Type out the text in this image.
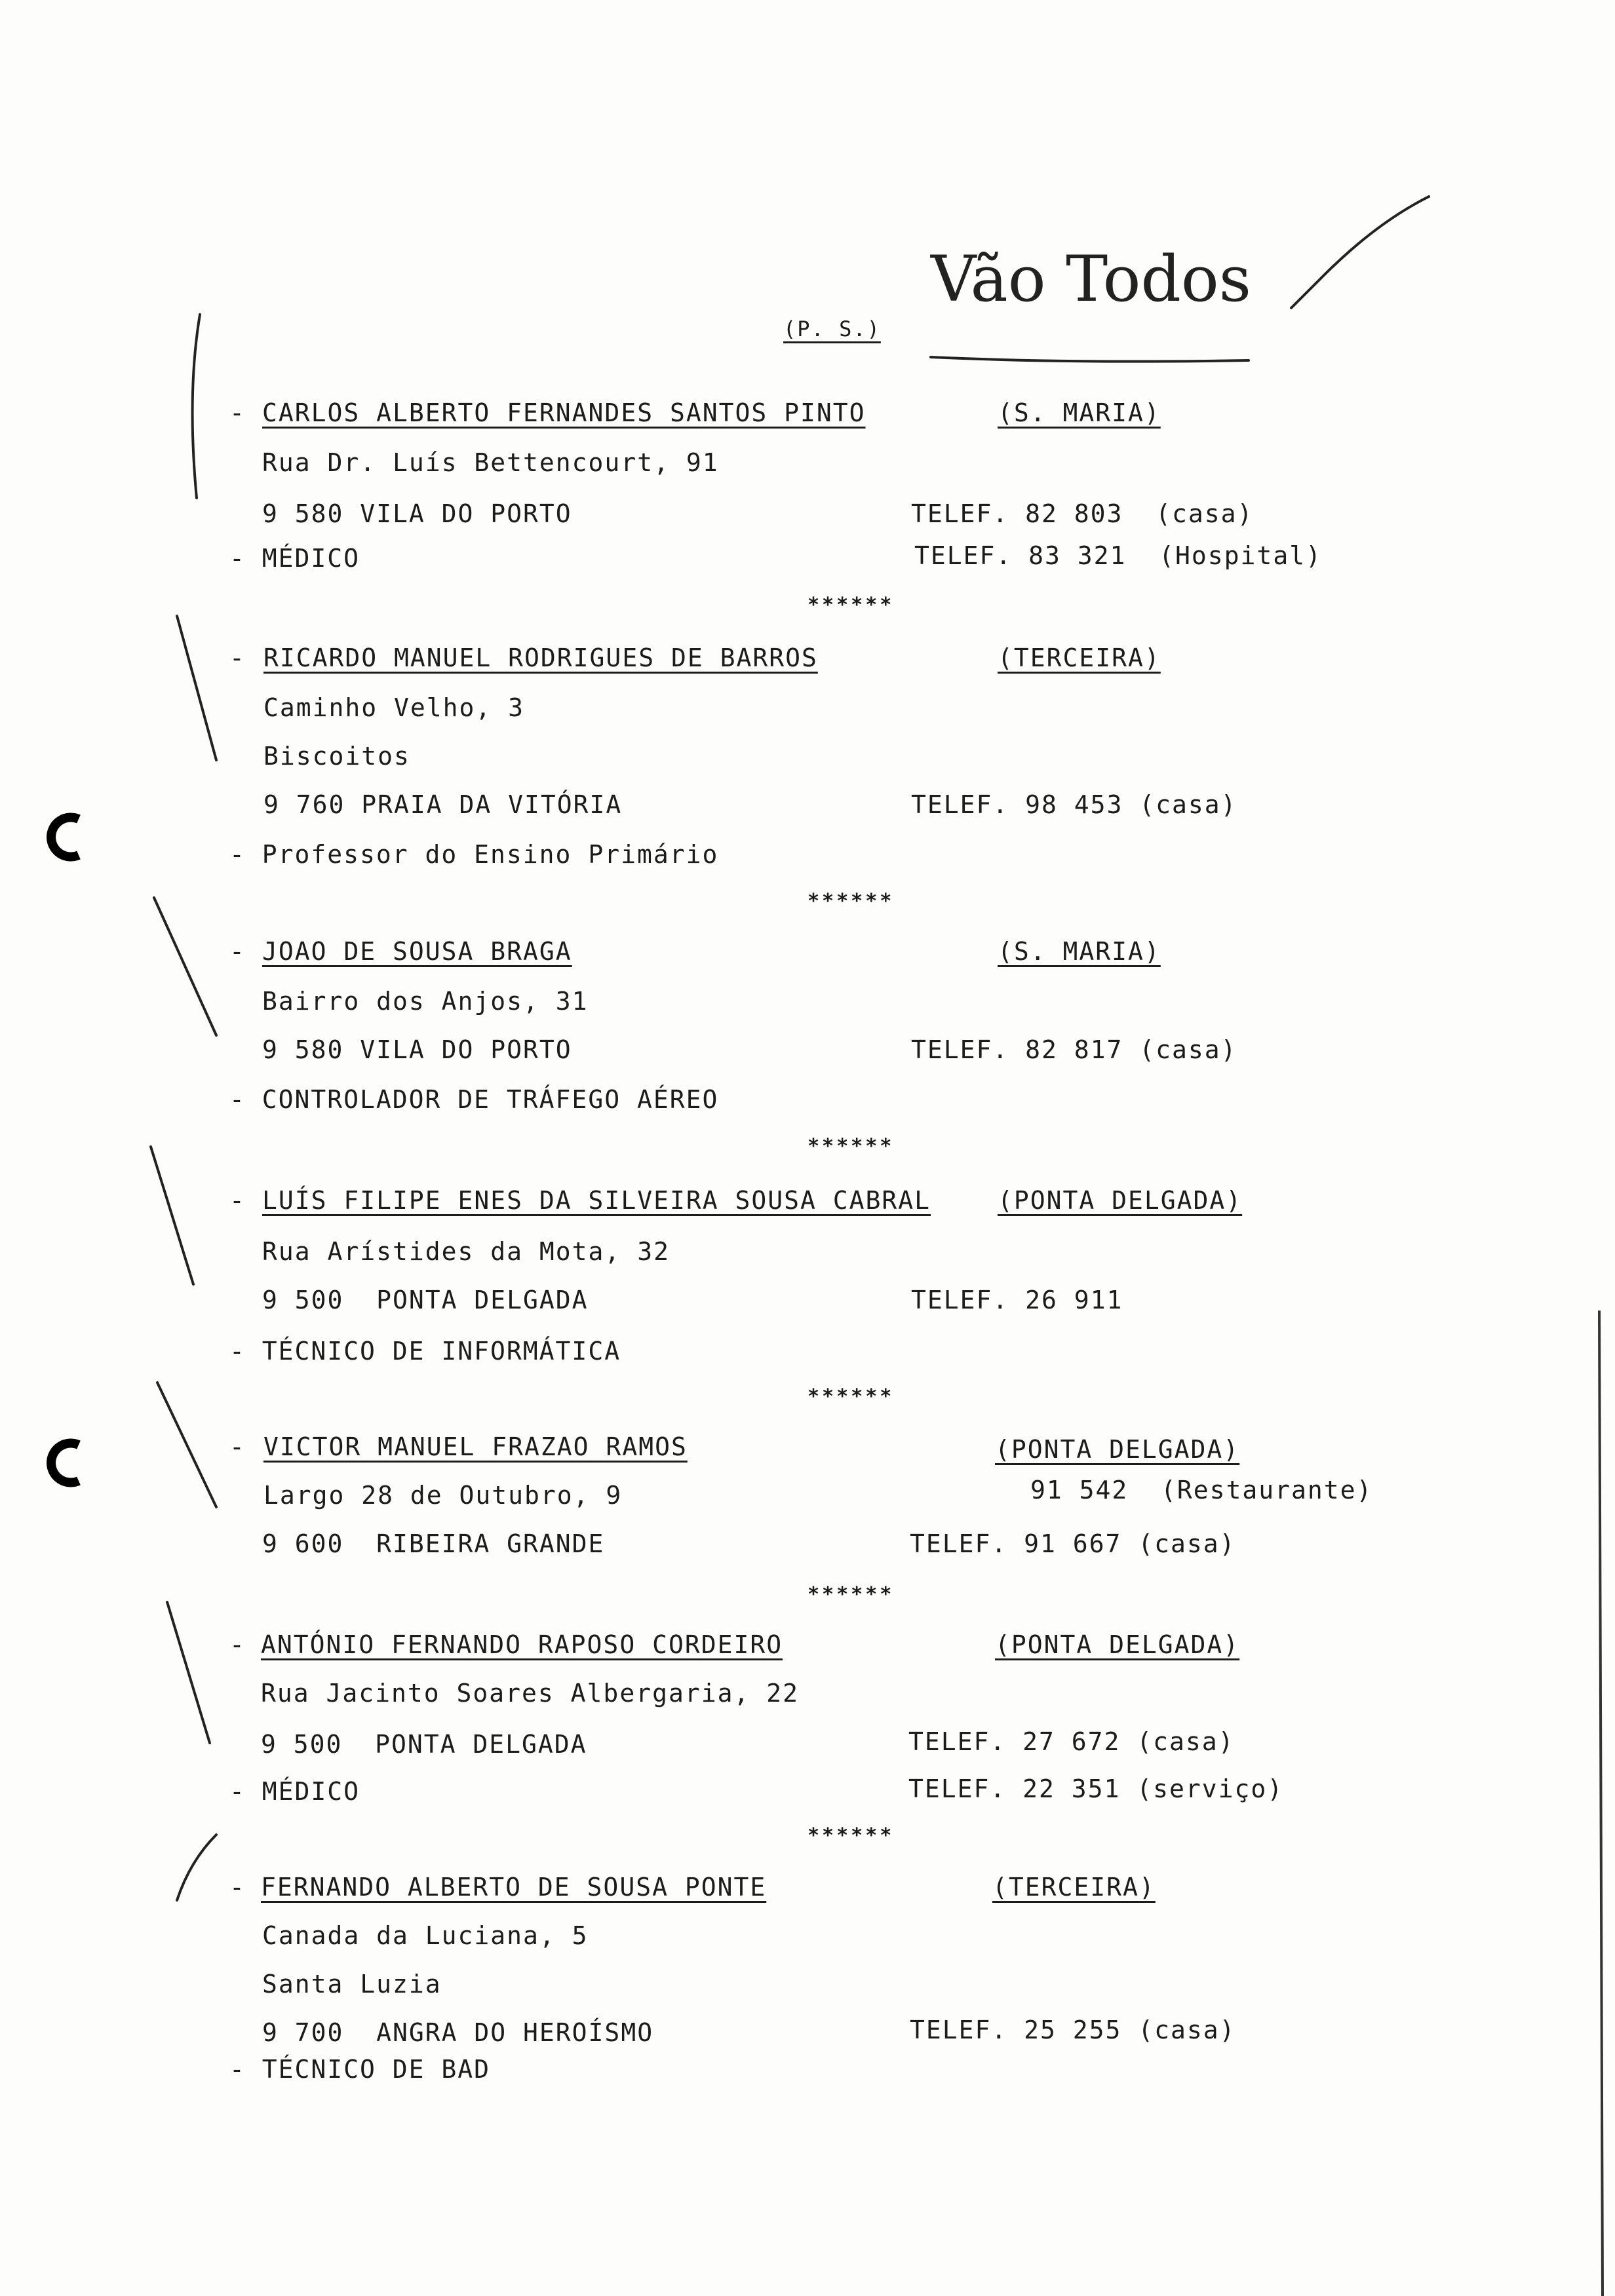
Vão Todos
(P. S.)
- CARLOS ALBERTO FERNANDES SANTOS PINTO	(S. MARIA)
Rua Dr. Luís Bettencourt, 91
9 580 VILA DO PORTO	TELEF. 82 803  (casa)
- MÉDICO	TELEF. 83 321  (Hospital)
******
- RICARDO MANUEL RODRIGUES DE BARROS	(TERCEIRA)
Caminho Velho, 3
Biscoitos
9 760 PRAIA DA VITÓRIA	TELEF. 98 453 (casa)
- Professor do Ensino Primário
******
- JOAO DE SOUSA BRAGA	(S. MARIA)
Bairro dos Anjos, 31
9 580 VILA DO PORTO	TELEF. 82 817 (casa)
- CONTROLADOR DE TRÁFEGO AÉREO
******
- LUÍS FILIPE ENES DA SILVEIRA SOUSA CABRAL	(PONTA DELGADA)
Rua Arístides da Mota, 32
9 500  PONTA DELGADA	TELEF. 26 911
- TÉCNICO DE INFORMÁTICA
******
- VICTOR MANUEL FRAZAO RAMOS	(PONTA DELGADA)
Largo 28 de Outubro, 9	91 542  (Restaurante)
9 600  RIBEIRA GRANDE	TELEF. 91 667 (casa)
******
-
ANTÓNIO FERNANDO RAPOSO CORDEIRO	(PONTA DELGADA)
Rua Jacinto Soares Albergaria, 22
9 500  PONTA DELGADA	TELEF. 27 672 (casa)
- MÉDICO	TELEF. 22 351 (serviço)
******
-
FERNANDO ALBERTO DE SOUSA PONTE	(TERCEIRA)
Canada da Luciana, 5
Santa Luzia
9 700  ANGRA DO HEROÍSMO	TELEF. 25 255 (casa)
- TÉCNICO DE BAD
